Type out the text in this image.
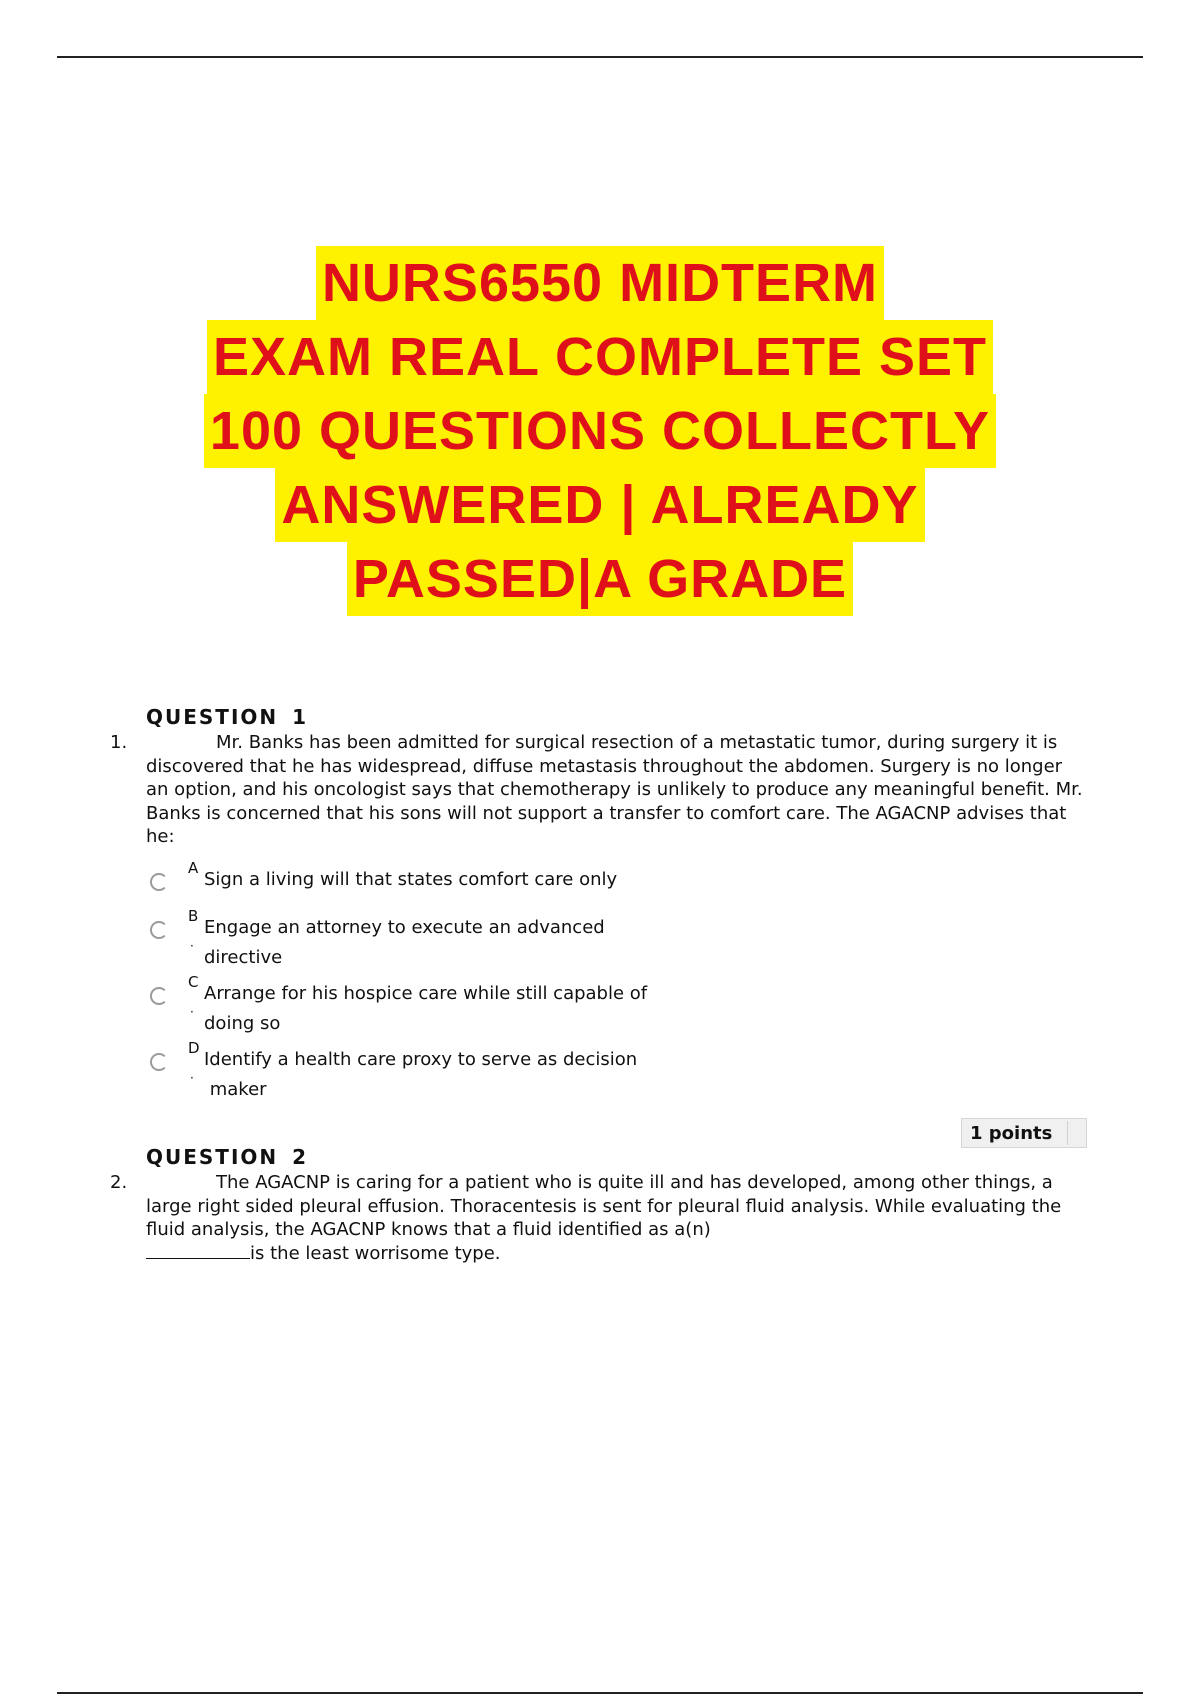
NURS6550 MIDTERM
EXAM REAL COMPLETE SET
100 QUESTIONS COLLECTLY
ANSWERED | ALREADY
PASSED|A GRADE
QUESTION 1
1.	Mr. Banks has been admitted for surgical resection of a metastatic tumor, during surgery it is discovered that he has widespread, diffuse metastasis throughout the abdomen. Surgery is no longer an option, and his oncologist says that chemotherapy is unlikely to produce any meaningful benefit. Mr. Banks is concerned that his sons will not support a transfer to comfort care. The AGACNP advises that he:
A
Sign a living will that states comfort care only
B
Engage an attorney to execute an advanced
directive
·
C
Arrange for his hospice care while still capable of
doing so
·
D
Identify a health care proxy to serve as decision
maker
·
1 points
QUESTION 2
2.	The AGACNP is caring for a patient who is quite ill and has developed, among other things, a large right sided pleural effusion. Thoracentesis is sent for pleural fluid analysis. While evaluating the fluid analysis, the AGACNP knows that a fluid identified as a(n)
is the least worrisome type.
